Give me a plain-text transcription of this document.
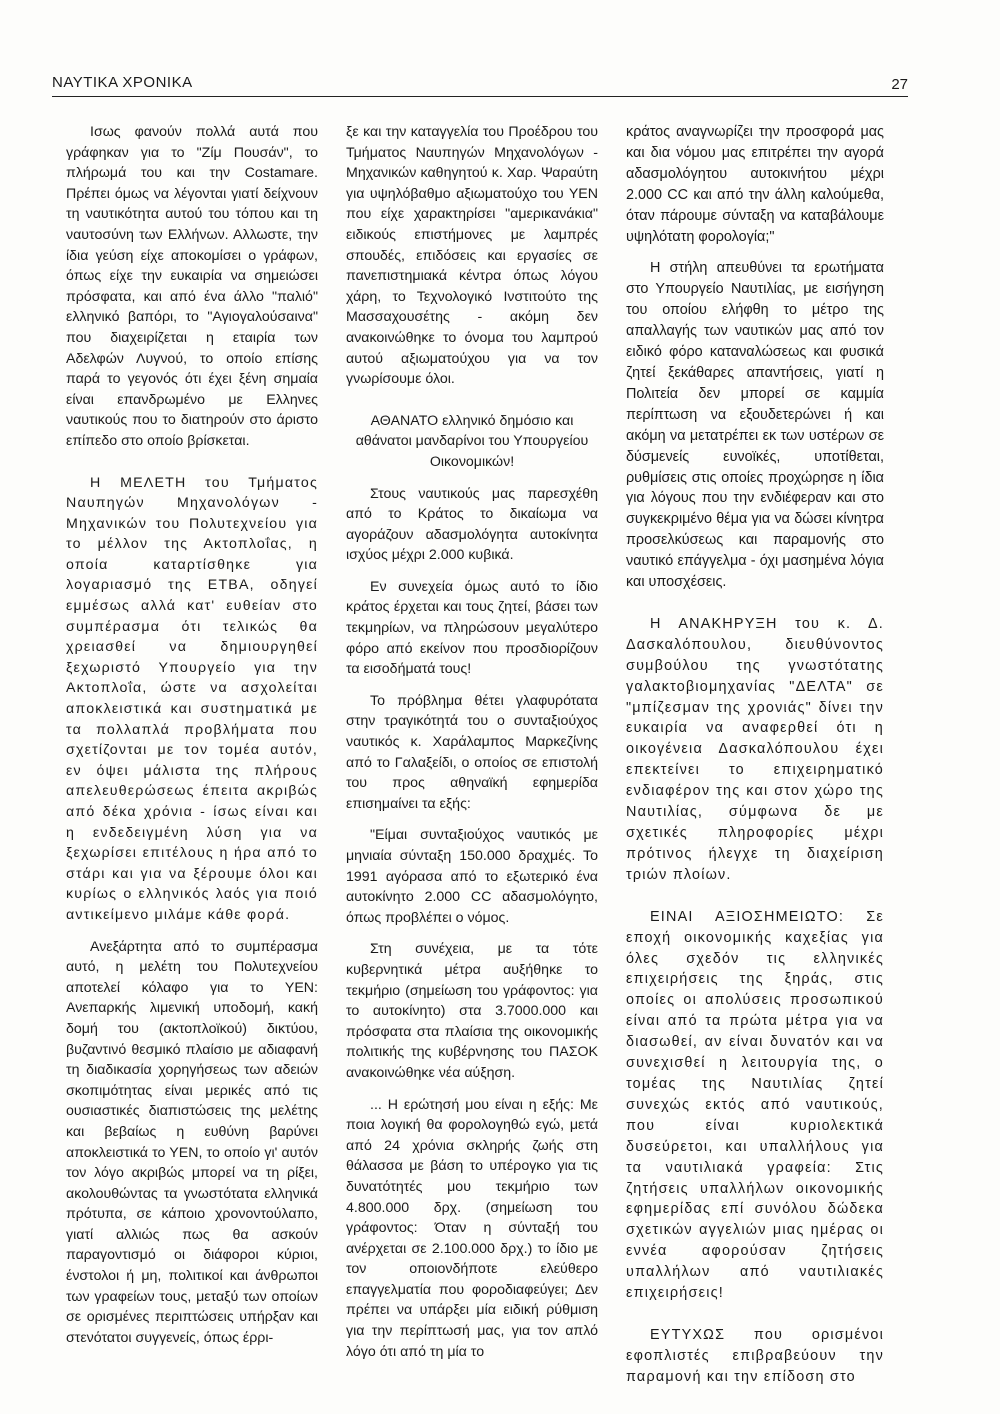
ΝΑΥΤΙΚΑ ΧΡΟΝΙΚΑ	27

Ισως φανούν πολλά αυτά που γράφηκαν για το "Ζίμ Πουσάν", το πλήρωμά του και την Costamare. Πρέπει όμως να λέγονται γιατί δείχνουν τη ναυτικότητα αυτού του τόπου και τη ναυτοσύνη των Ελλήνων. Αλλωστε, την ίδια γεύση είχε αποκομίσει ο γράφων, όπως είχε την ευκαιρία να σημειώσει πρόσφατα, και από ένα άλλο "παλιό" ελληνικό βαπόρι, το "Αγιογαλούσαινα" που διαχειρίζεται η εταιρία των Αδελφών Λυγνού, το οποίο επίσης παρά το γεγονός ότι έχει ξένη σημαία είναι επανδρωμένο με Ελληνες ναυτικούς που το διατηρούν στο άριστο επίπεδο στο οποίο βρίσκεται.

Η ΜΕΛΕΤΗ του Τμήματος Ναυπηγών Μηχανολόγων - Μηχανικών του Πολυτεχνείου για το μέλλον της Ακτοπλοΐας, η οποία καταρτίσθηκε για λογαριασμό της ΕΤΒΑ, οδηγεί εμμέσως αλλά κατ' ευθείαν στο συμπέρασμα ότι τελικώς θα χρειασθεί να δημιουργηθεί ξεχωριστό Υπουργείο για την Ακτοπλοΐα, ώστε να ασχολείται αποκλειστικά και συστηματικά με τα πολλαπλά προβλήματα που σχετίζονται με τον τομέα αυτόν, εν όψει μάλιστα της πλήρους απελευθερώσεως έπειτα ακριβώς από δέκα χρόνια - ίσως είναι και η ενδεδειγμένη λύση για να ξεχωρίσει επιτέλους η ήρα από το στάρι και για να ξέρουμε όλοι και κυρίως ο ελληνικός λαός για ποιό αντικείμενο μιλάμε κάθε φορά.

Ανεξάρτητα από το συμπέρασμα αυτό, η μελέτη του Πολυτεχνείου αποτελεί κόλαφο για το ΥΕΝ: Ανεπαρκής λιμενική υποδομή, κακή δομή του (ακτοπλοϊκού) δικτύου, βυζαντινό θεσμικό πλαίσιο με αδιαφανή τη διαδικασία χορηγήσεως των αδειών σκοπιμότητας είναι μερικές από τις ουσιαστικές διαπιστώσεις της μελέτης και βεβαίως η ευθύνη βαρύνει αποκλειστικά το ΥΕΝ, το οποίο γι' αυτόν τον λόγο ακριβώς μπορεί να τη ρίξει, ακολουθώντας τα γνωστότατα ελληνικά πρότυπα, σε κάποιο χρονοντούλαπο, γιατί αλλιώς πως θα ασκούν παραγοντισμό οι διάφοροι κύριοι, ένστολοι ή μη, πολιτικοί και άνθρωποι των γραφείων τους, μεταξύ των οποίων σε ορισμένες περιπτώσεις υπήρξαν και στενότατοι συγγενείς, όπως έρρι-

ξε και την καταγγελία του Προέδρου του Τμήματος Ναυπηγών Μηχανολόγων - Μηχανικών καθηγητού κ. Χαρ. Ψαραύτη για υψηλόβαθμο αξιωματούχο του ΥΕΝ που είχε χαρακτηρίσει "αμερικανάκια" ειδικούς επιστήμονες με λαμπρές σπουδές, επιδόσεις και εργασίες σε πανεπιστημιακά κέντρα όπως λόγου χάρη, το Τεχνολογικό Ινστιτούτο της Μασσαχουσέτης - ακόμη δεν ανακοινώθηκε το όνομα του λαμπρού αυτού αξιωματούχου για να τον γνωρίσουμε όλοι.

ΑΘΑΝΑΤΟ ελληνικό δημόσιο και αθάνατοι μανδαρίνοι του Υπουργείου Οικονομικών!

Στους ναυτικούς μας παρεσχέθη από το Κράτος το δικαίωμα να αγοράζουν αδασμολόγητα αυτοκίνητα ισχύος μέχρι 2.000 κυβικά.

Εν συνεχεία όμως αυτό το ίδιο κράτος έρχεται και τους ζητεί, βάσει των τεκμηρίων, να πληρώσουν μεγαλύτερο φόρο από εκείνον που προσδιορίζουν τα εισοδήματά τους!

Το πρόβλημα θέτει γλαφυρότατα στην τραγικότητά του ο συνταξιούχος ναυτικός κ. Χαράλαμπος Μαρκεζίνης από το Γαλαξείδι, ο οποίος σε επιστολή του προς αθηναϊκή εφημερίδα επισημαίνει τα εξής:

"Είμαι συνταξιούχος ναυτικός με μηνιαία σύνταξη 150.000 δραχμές. Το 1991 αγόρασα από το εξωτερικό ένα αυτοκίνητο 2.000 CC αδασμολόγητο, όπως προβλέπει ο νόμος.

Στη συνέχεια, με τα τότε κυβερνητικά μέτρα αυξήθηκε το τεκμήριο (σημείωση του γράφοντος: για το αυτοκίνητο) στα 3.7000.000 και πρόσφατα στα πλαίσια της οικονομικής πολιτικής της κυβέρνησης του ΠΑΣΟΚ ανακοινώθηκε νέα αύξηση.

... Η ερώτησή μου είναι η εξής: Με ποια λογική θα φορολογηθώ εγώ, μετά από 24 χρόνια σκληρής ζωής στη θάλασσα με βάση το υπέρογκο για τις δυνατότητές μου τεκμήριο των 4.800.000 δρχ. (σημείωση του γράφοντος: Όταν η σύνταξή του ανέρχεται σε 2.100.000 δρχ.) το ίδιο με τον οποιονδήποτε ελεύθερο επαγγελματία που φοροδιαφεύγει; Δεν πρέπει να υπάρξει μία ειδική ρύθμιση για την περίπτωσή μας, για τον απλό λόγο ότι από τη μία το

κράτος αναγνωρίζει την προσφορά μας και δια νόμου μας επιτρέπει την αγορά αδασμολόγητου αυτοκινήτου μέχρι 2.000 CC και από την άλλη καλούμεθα, όταν πάρουμε σύνταξη να καταβάλουμε υψηλότατη φορολογία;"

Η στήλη απευθύνει τα ερωτήματα στο Υπουργείο Ναυτιλίας, με εισήγηση του οποίου ελήφθη το μέτρο της απαλλαγής των ναυτικών μας από τον ειδικό φόρο καταναλώσεως και φυσικά ζητεί ξεκάθαρες απαντήσεις, γιατί η Πολιτεία δεν μπορεί σε καμμία περίπτωση να εξουδετερώνει ή και ακόμη να μετατρέπει εκ των υστέρων σε δύσμενείς ευνοϊκές, υποτίθεται, ρυθμίσεις στις οποίες προχώρησε η ίδια για λόγους που την ενδιέφεραν και στο συγκεκριμένο θέμα για να δώσει κίνητρα προσελκύσεως και παραμονής στο ναυτικό επάγγελμα - όχι μασημένα λόγια και υποσχέσεις.

Η ΑΝΑΚΗΡΥΞΗ του κ. Δ. Δασκαλόπουλου, διευθύνοντος συμβούλου της γνωστότατης γαλακτοβιομηχανίας "ΔΕΛΤΑ" σε "μπίζεσμαν της χρονιάς" δίνει την ευκαιρία να αναφερθεί ότι η οικογένεια Δασκαλόπουλου έχει επεκτείνει το επιχειρηματικό ενδιαφέρον της και στον χώρο της Ναυτιλίας, σύμφωνα δε με σχετικές πληροφορίες μέχρι πρότινος ήλεγχε τη διαχείριση τριών πλοίων.

ΕΙΝΑΙ ΑΞΙΟΣΗΜΕΙΩΤΟ: Σε εποχή οικονομικής καχεξίας για όλες σχεδόν τις ελληνικές επιχειρήσεις της ξηράς, στις οποίες οι απολύσεις προσωπικού είναι από τα πρώτα μέτρα για να διασωθεί, αν είναι δυνατόν και να συνεχισθεί η λειτουργία της, ο τομέας της Ναυτιλίας ζητεί συνεχώς εκτός από ναυτικούς, που είναι κυριολεκτικά δυσεύρετοι, και υπαλλήλους για τα ναυτιλιακά γραφεία: Στις ζητήσεις υπαλλήλων οικονομικής εφημερίδας επί συνόλου δώδεκα σχετικών αγγελιών μιας ημέρας οι εννέα αφορούσαν ζητήσεις υπαλλήλων από ναυτιλιακές επιχειρήσεις!

ΕΥΤΥΧΩΣ που ορισμένοι εφοπλιστές επιβραβεύουν την παραμονή και την επίδοση στο
